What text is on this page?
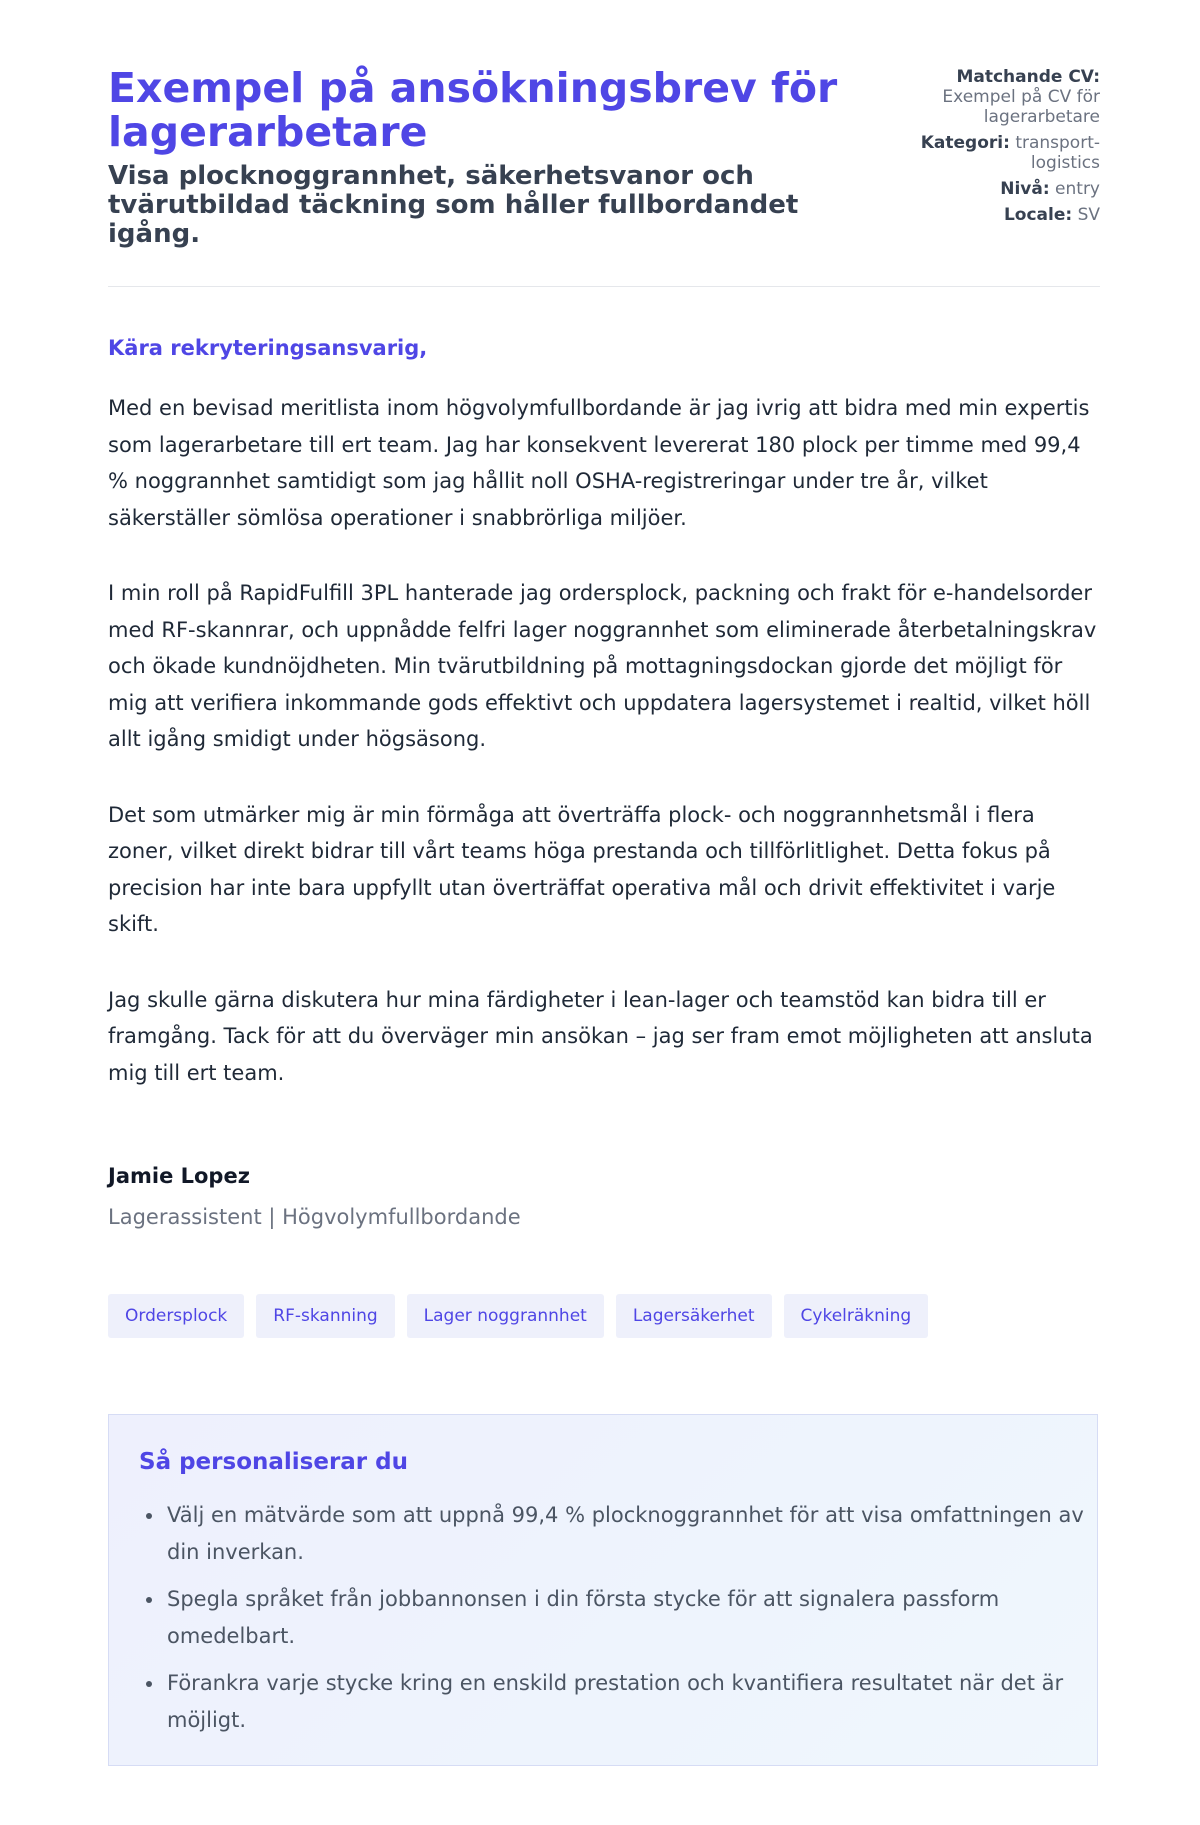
Exempel på ansökningsbrev för lagerarbetare
Visa plocknoggrannhet, säkerhetsvanor och tvärutbildad täckning som håller fullbordandet igång.
Matchande CV:
Exempel på CV för lagerarbetare
Kategori: transport-logistics
Nivå: entry
Locale: SV
Kära rekryteringsansvarig,

Med en bevisad meritlista inom högvolymfullbordande är jag ivrig att bidra med min expertis som lagerarbetare till ert team. Jag har konsekvent levererat 180 plock per timme med 99,4 % noggrannhet samtidigt som jag hållit noll OSHA-registreringar under tre år, vilket säkerställer sömlösa operationer i snabbrörliga miljöer.

I min roll på RapidFulfill 3PL hanterade jag ordersplock, packning och frakt för e-handelsorder med RF-skannrar, och uppnådde felfri lager noggrannhet som eliminerade återbetalningskrav och ökade kundnöjdheten. Min tvärutbildning på mottagningsdockan gjorde det möjligt för mig att verifiera inkommande gods effektivt och uppdatera lagersystemet i realtid, vilket höll allt igång smidigt under högsäsong.

Det som utmärker mig är min förmåga att överträffa plock- och noggrannhetsmål i flera zoner, vilket direkt bidrar till vårt teams höga prestanda och tillförlitlighet. Detta fokus på precision har inte bara uppfyllt utan överträffat operativa mål och drivit effektivitet i varje skift.

Jag skulle gärna diskutera hur mina färdigheter i lean-lager och teamstöd kan bidra till er framgång. Tack för att du överväger min ansökan – jag ser fram emot möjligheten att ansluta mig till ert team.

Jamie Lopez
Lagerassistent | Högvolymfullbordande
Ordersplock	RF-skanning	Lager noggrannhet	Lagersäkerhet	Cykelräkning
Så personaliserar du
• Välj en mätvärde som att uppnå 99,4 % plocknoggrannhet för att visa omfattningen av din inverkan.
• Spegla språket från jobbannonsen i din första stycke för att signalera passform omedelbart.
• Förankra varje stycke kring en enskild prestation och kvantifiera resultatet när det är möjligt.
